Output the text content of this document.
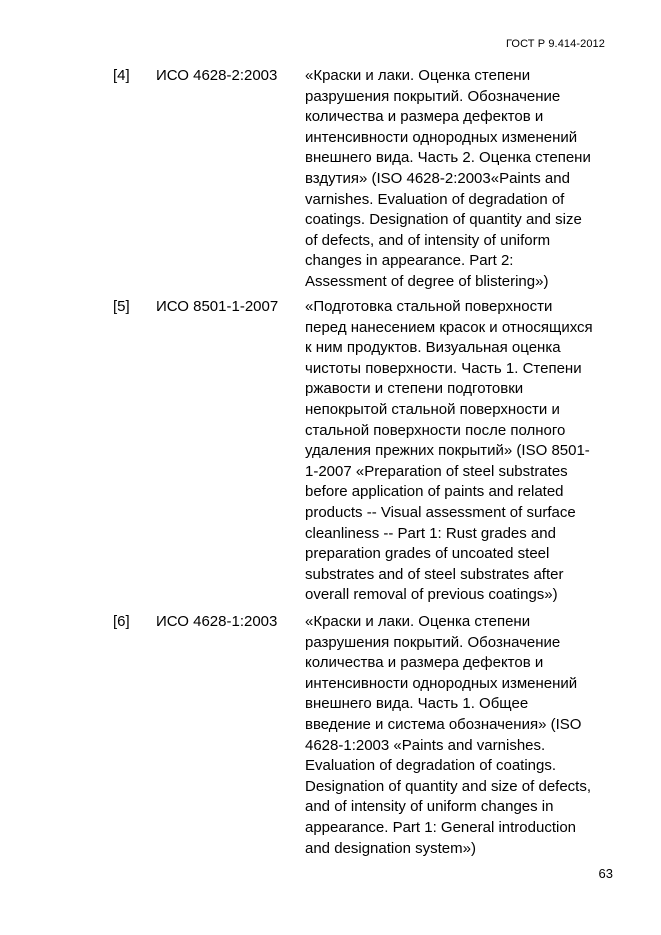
ГОСТ Р 9.414-2012
[4] ИСО 4628-2:2003 «Краски и лаки. Оценка степени
разрушения покрытий. Обозначение
количества и размера дефектов и
интенсивности однородных изменений
внешнего вида. Часть 2. Оценка степени
вздутия» (ISO 4628-2:2003«Paints and
varnishes. Evaluation of degradation of
coatings. Designation of quantity and size
of defects, and of intensity of uniform
changes in appearance. Part 2:
Assessment of degree of blistering»)
[5] ИСО 8501-1-2007 «Подготовка стальной поверхности
перед нанесением красок и относящихся
к ним продуктов. Визуальная оценка
чистоты поверхности. Часть 1. Степени
ржавости и степени подготовки
непокрытой стальной поверхности и
стальной поверхности после полного
удаления прежних покрытий» (ISO 8501-
1-2007 «Preparation of steel substrates
before application of paints and related
products -- Visual assessment of surface
cleanliness -- Part 1: Rust grades and
preparation grades of uncoated steel
substrates and of steel substrates after
overall removal of previous coatings»)
[6] ИСО 4628-1:2003 «Краски и лаки. Оценка степени
разрушения покрытий. Обозначение
количества и размера дефектов и
интенсивности однородных изменений
внешнего вида. Часть 1. Общее
введение и система обозначения» (ISO
4628-1:2003 «Paints and varnishes.
Evaluation of degradation of coatings.
Designation of quantity and size of defects,
and of intensity of uniform changes in
appearance. Part 1: General introduction
and designation system»)
63
